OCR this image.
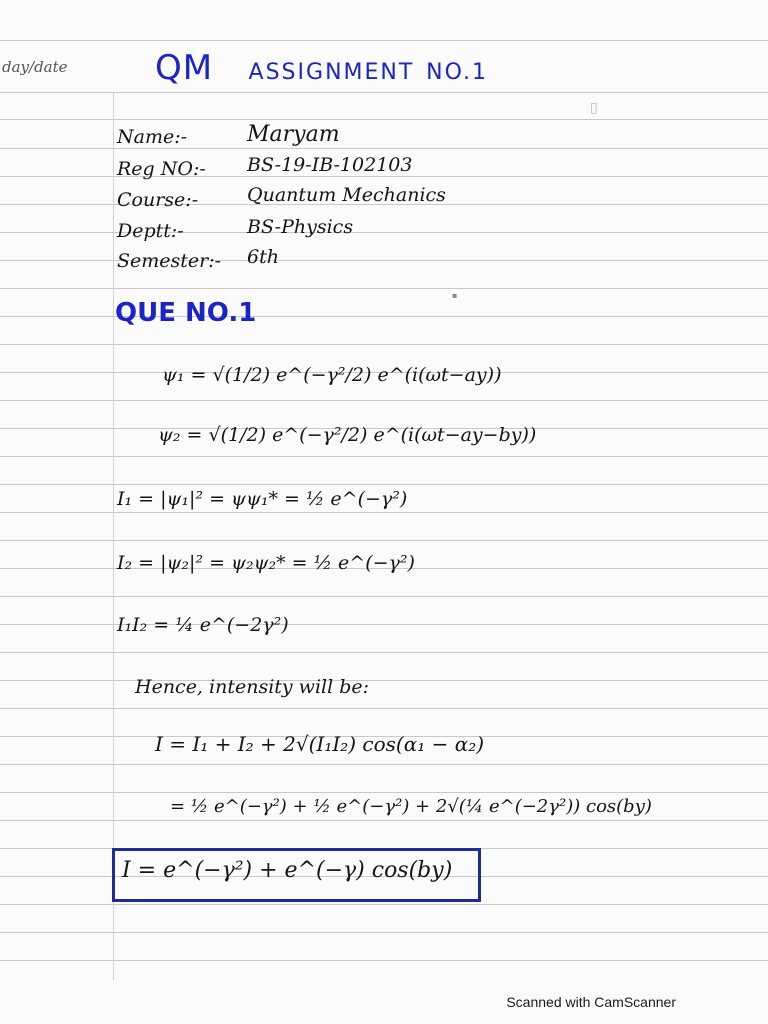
day/date	QM ASSIGNMENT NO.1
▯
▪
Name:-	Maryam
Reg NO:- BS-19-IB-102103
Course:-	Quantum Mechanics
Deptt:-	BS-Physics
Semester:- 6th
QUE NO.1
ψ₁ = √(1/2) e^(−γ²/2) e^(i(ωt−ay))
ψ₂ = √(1/2) e^(−γ²/2) e^(i(ωt−ay−by))
I₁ = |ψ₁|² = ψψ₁* = ½ e^(−γ²)
I₂ = |ψ₂|² = ψ₂ψ₂* = ½ e^(−γ²)
I₁I₂ = ¼ e^(−2γ²)
Hence, intensity will be:
I = I₁ + I₂ + 2√(I₁I₂) cos(α₁ − α₂)
= ½ e^(−γ²) + ½ e^(−γ²) + 2√(¼ e^(−2γ²)) cos(by)
I = e^(−γ²) + e^(−γ) cos(by)
Scanned with CamScanner
